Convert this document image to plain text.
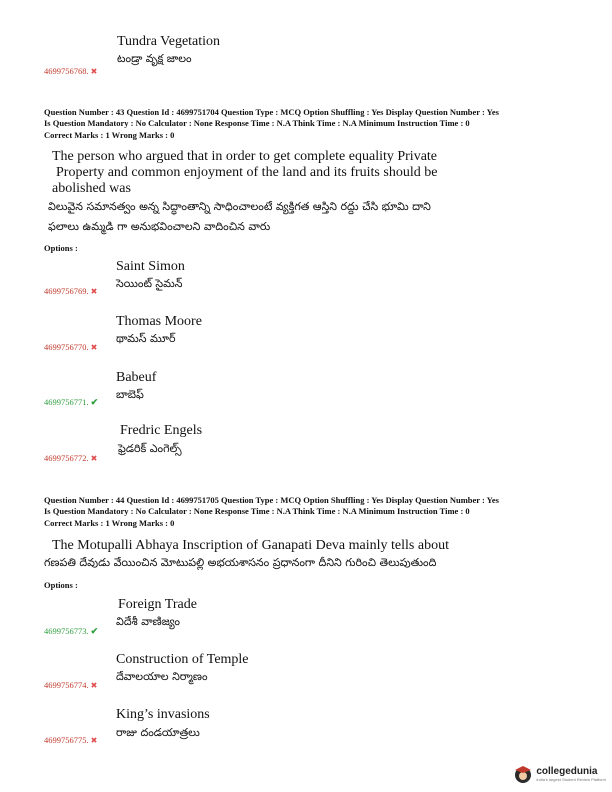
Tundra Vegetation
టండ్రా వృక్ష జాలం
4699756768. ✖
Question Number : 43 Question Id : 4699751704 Question Type : MCQ Option Shuffling : Yes Display Question Number : Yes
Is Question Mandatory : No Calculator : None Response Time : N.A Think Time : N.A Minimum Instruction Time : 0
Correct Marks : 1 Wrong Marks : 0
The person who argued that in order to get complete equality Private
Property and common enjoyment of the land and its fruits should be
abolished was
విలువైన సమానత్వం అన్న సిద్ధాంతాన్ని సాధించాలంటే వ్యక్తిగత ఆస్తిని రద్దు చేసి భూమి దాని
ఫలాలు ఉమ్మడి గా అనుభవించాలని వాదించిన వారు
Options :
Saint Simon
సెయింట్ సైమన్
4699756769. ✖
Thomas Moore
థామస్ మూర్
4699756770. ✖
Babeuf
బాబెఫ్
4699756771. ✔
Fredric Engels
ఫ్రెడరిక్ ఎంగెల్స్
4699756772. ✖
Question Number : 44 Question Id : 4699751705 Question Type : MCQ Option Shuffling : Yes Display Question Number : Yes
Is Question Mandatory : No Calculator : None Response Time : N.A Think Time : N.A Minimum Instruction Time : 0
Correct Marks : 1 Wrong Marks : 0
The Motupalli Abhaya Inscription of Ganapati Deva mainly tells about
గణపతి దేవుడు వేయించిన మోటుపల్లి అభయశాసనం ప్రధానంగా దీనిని గురించి తెలుపుతుంది
Options :
Foreign Trade
విదేశీ వాణిజ్యం
4699756773. ✔
Construction of Temple
దేవాలయాల నిర్మాణం
4699756774. ✖
King’s invasions
రాజు దండయాత్రలు
4699756775. ✖
collegedunia
India's largest Student Review Platform
